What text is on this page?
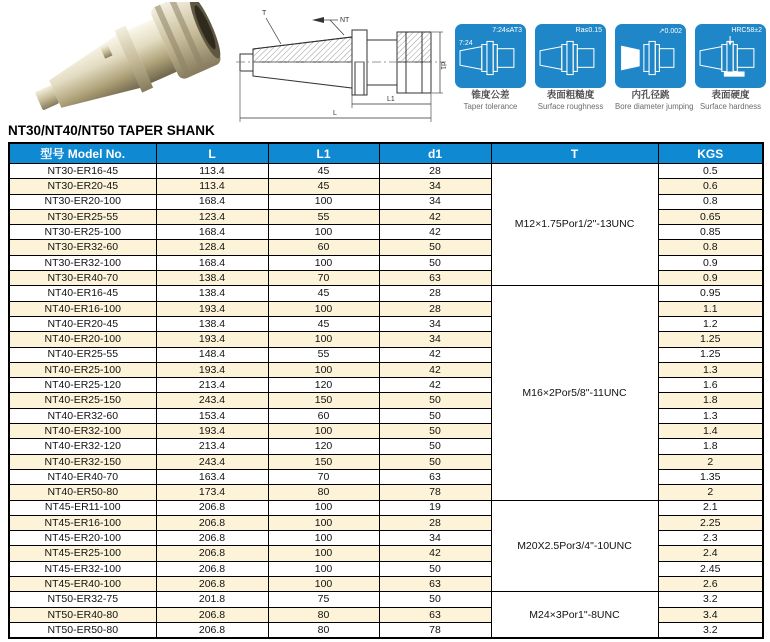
T
NT
L1
L
d1
7:24≤AT3
7:24
锥度公差
Taper tolerance
Ra≤0.15
表面粗糙度
Surface roughness
↗0.002
内孔径跳
Bore diameter jumping
HRC58±2
表面硬度
Surface hardness
NT30/NT40/NT50 TAPER SHANK
型号 Model No.	L	L1	d1	T	KGS
NT30-ER16-45	113.4	45	28	M12×1.75Por1/2"-13UNC	0.5
NT30-ER20-45	113.4	45	34		0.6
NT30-ER20-100	168.4	100	34		0.8
NT30-ER25-55	123.4	55	42		0.65
NT30-ER25-100	168.4	100	42		0.85
NT30-ER32-60	128.4	60	50		0.8
NT30-ER32-100	168.4	100	50		0.9
NT30-ER40-70	138.4	70	63		0.9
NT40-ER16-45	138.4	45	28	M16×2Por5/8"-11UNC	0.95
NT40-ER16-100	193.4	100	28		1.1
NT40-ER20-45	138.4	45	34		1.2
NT40-ER20-100	193.4	100	34		1.25
NT40-ER25-55	148.4	55	42		1.25
NT40-ER25-100	193.4	100	42		1.3
NT40-ER25-120	213.4	120	42		1.6
NT40-ER25-150	243.4	150	50		1.8
NT40-ER32-60	153.4	60	50		1.3
NT40-ER32-100	193.4	100	50		1.4
NT40-ER32-120	213.4	120	50		1.8
NT40-ER32-150	243.4	150	50		2
NT40-ER40-70	163.4	70	63		1.35
NT40-ER50-80	173.4	80	78		2
NT45-ER11-100	206.8	100	19	M20X2.5Por3/4"-10UNC	2.1
NT45-ER16-100	206.8	100	28		2.25
NT45-ER20-100	206.8	100	34		2.3
NT45-ER25-100	206.8	100	42		2.4
NT45-ER32-100	206.8	100	50		2.45
NT45-ER40-100	206.8	100	63		2.6
NT50-ER32-75	201.8	75	50	M24×3Por1"-8UNC	3.2
NT50-ER40-80	206.8	80	63		3.4
NT50-ER50-80	206.8	80	78		3.2
